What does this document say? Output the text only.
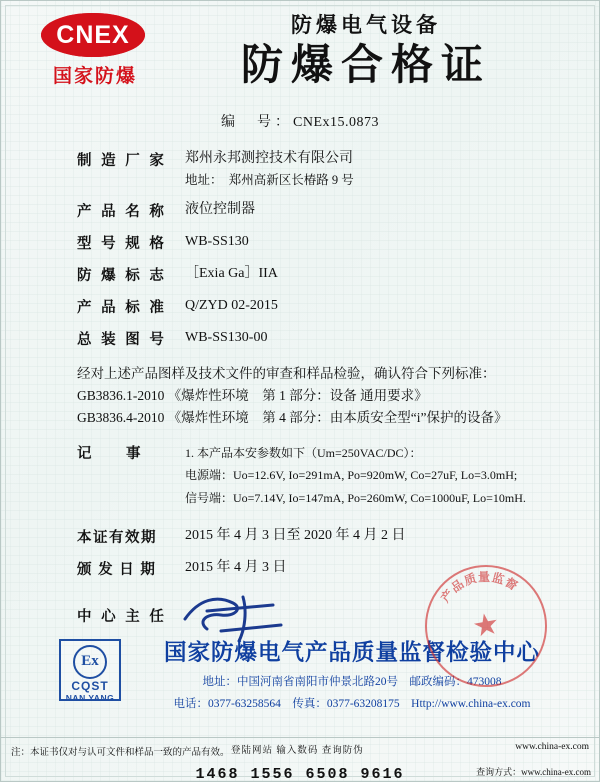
CNEX
国家防爆
防爆电气设备
防爆合格证
编　号：CNEx15.0873
制 造 厂 家	郑州永邦测控技术有限公司
地址：　郑州高新区长椿路 9 号
产 品 名 称	液位控制器
型 号 规 格	WB-SS130
防 爆 标 志	［Exia Ga］IIA
产 品 标 准	Q/ZYD 02-2015
总 装 图 号	WB-SS130-00
经对上述产品图样及技术文件的审查和样品检验，确认符合下列标准：
GB3836.1-2010 《爆炸性环境　第 1 部分：设备 通用要求》
GB3836.4-2010 《爆炸性环境　第 4 部分：由本质安全型“i”保护的设备》
记　事	1. 本产品本安参数如下（Um=250VAC/DC）：
电源端：Uo=12.6V, Io=291mA, Po=920mW, Co=27uF, Lo=3.0mH;
信号端：Uo=7.14V, Io=147mA, Po=260mW, Co=1000uF, Lo=10mH.
本证有效期	2015 年 4 月 3 日至 2020 年 4 月 2 日
颁 发 日 期	2015 年 4 月 3 日
中 心 主 任
Ex
CQST
NAN YANG
国家防爆电气产品质量监督检验中心
地址：中国河南省南阳市仲景北路20号　邮政编码：473008
电话：0377-63258564　传真：0377-63208175　Http://www.china-ex.com
产品质量监督
★
注：本证书仅对与认可文件和样品一致的产品有效。
www.china-ex.com
登陆网站 输入数码 查询防伪
1468 1556 6508 9616	查询方式：www.china-ex.com
